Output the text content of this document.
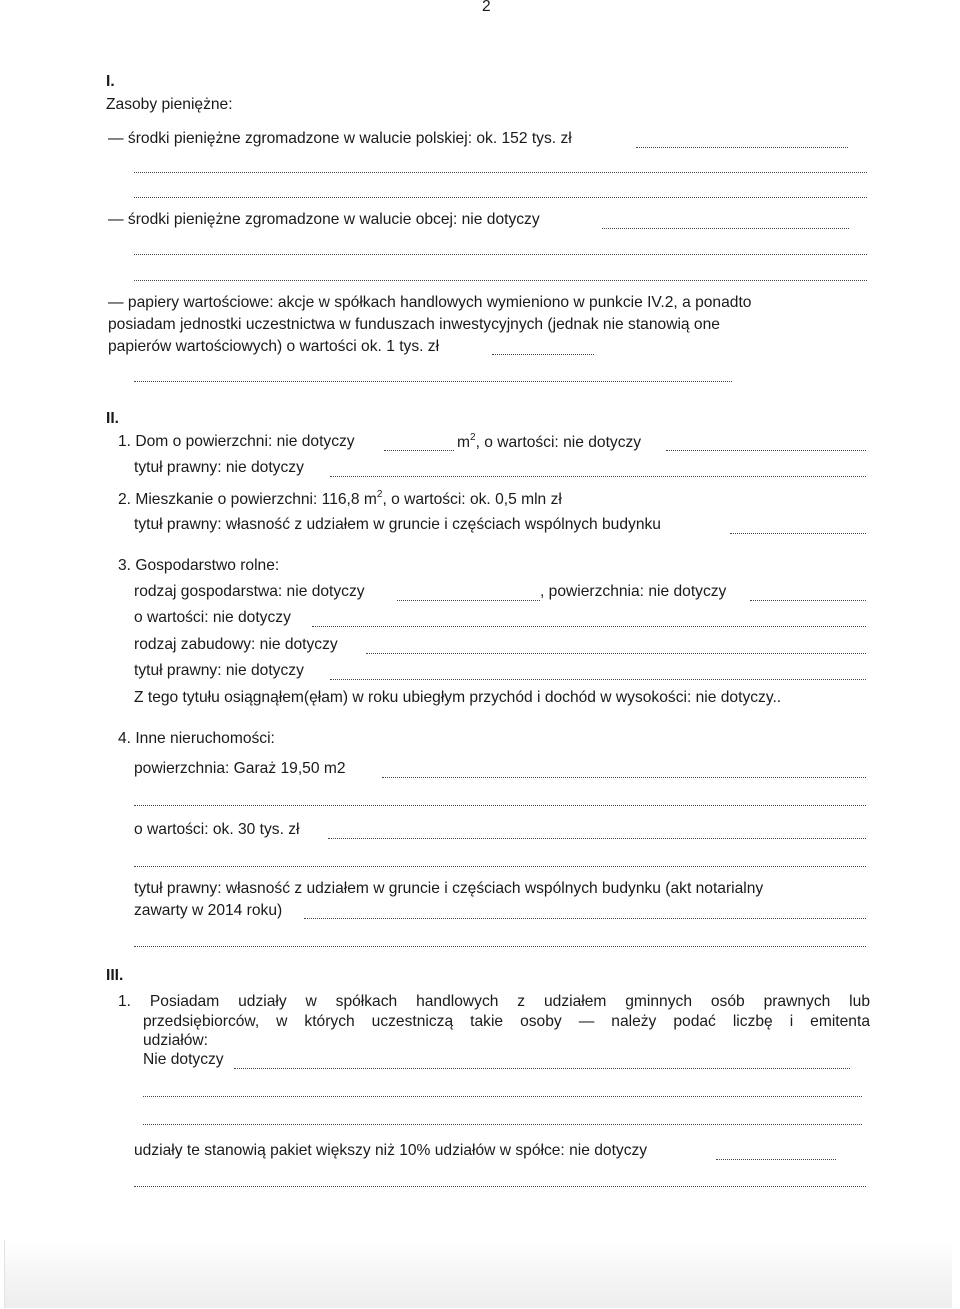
2
I.
Zasoby pieniężne:
— środki pieniężne zgromadzone w walucie polskiej: ok. 152 tys. zł
— środki pieniężne zgromadzone w walucie obcej: nie dotyczy
— papiery wartościowe: akcje w spółkach handlowych wymieniono w punkcie IV.2, a ponadto
posiadam jednostki uczestnictwa w funduszach inwestycyjnych (jednak nie stanowią one
papierów wartościowych) o wartości ok. 1 tys. zł
II.
1. Dom o powierzchni: nie dotyczy	$m^2$, o wartości: nie dotyczy
tytuł prawny: nie dotyczy
2. Mieszkanie o powierzchni: 116,8 $m^2$, o wartości: ok. 0,5 mln zł
tytuł prawny: własność z udziałem w gruncie i częściach wspólnych budynku
3. Gospodarstwo rolne:
rodzaj gospodarstwa: nie dotyczy	, powierzchnia: nie dotyczy
o wartości: nie dotyczy
rodzaj zabudowy: nie dotyczy
tytuł prawny: nie dotyczy
Z tego tytułu osiągnąłem(ęłam) w roku ubiegłym przychód i dochód w wysokości: nie dotyczy..
4. Inne nieruchomości:
powierzchnia: Garaż 19,50 m2
o wartości: ok. 30 tys. zł
tytuł prawny: własność z udziałem w gruncie i częściach wspólnych budynku (akt notarialny
zawarty w 2014 roku)
III.
1. Posiadam udziały w spółkach handlowych z udziałem gminnych osób prawnych lub
przedsiębiorców, w których uczestniczą takie osoby — należy podać liczbę i emitenta
udziałów:
Nie dotyczy
udziały te stanowią pakiet większy niż 10% udziałów w spółce: nie dotyczy
